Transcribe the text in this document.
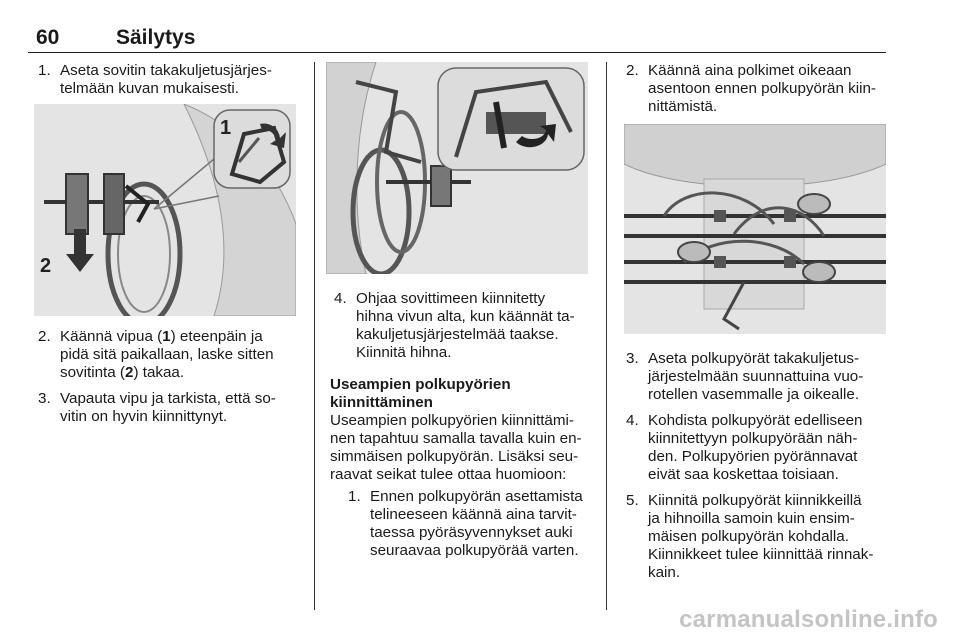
60	Säilytys
1. Aseta sovitin takakuljetusjärjes-
telmään kuvan mukaisesti.
1
2
2. Käännä vipua (1) eteenpäin ja
pidä sitä paikallaan, laske sitten
sovitinta (2) takaa.
3. Vapauta vipu ja tarkista, että so-
vitin on hyvin kiinnittynyt.
4. Ohjaa sovittimeen kiinnitetty
hihna vivun alta, kun käännät ta-
kakuljetusjärjestelmää taakse.
Kiinnitä hihna.
Useampien polkupyörien
kiinnittäminen

Useampien polkupyörien kiinnittämi-
nen tapahtuu samalla tavalla kuin en-
simmäisen polkupyörän. Lisäksi seu-
raavat seikat tulee ottaa huomioon:

1. Ennen polkupyörän asettamista
telineeseen käännä aina tarvit-
taessa pyöräsyvennykset auki
seuraavaa polkupyörää varten.
2. Käännä aina polkimet oikeaan
asentoon ennen polkupyörän kiin-
nittämistä.
3. Aseta polkupyörät takakuljetus-
järjestelmään suunnattuina vuo-
rotellen vasemmalle ja oikealle.
4. Kohdista polkupyörät edelliseen
kiinnitettyyn polkupyörään näh-
den. Polkupyörien pyörännavat
eivät saa koskettaa toisiaan.
5. Kiinnitä polkupyörät kiinnikkeillä
ja hihnoilla samoin kuin ensim-
mäisen polkupyörän kohdalla.
Kiinnikkeet tulee kiinnittää rinnak-
kain.
carmanualsonline.info
